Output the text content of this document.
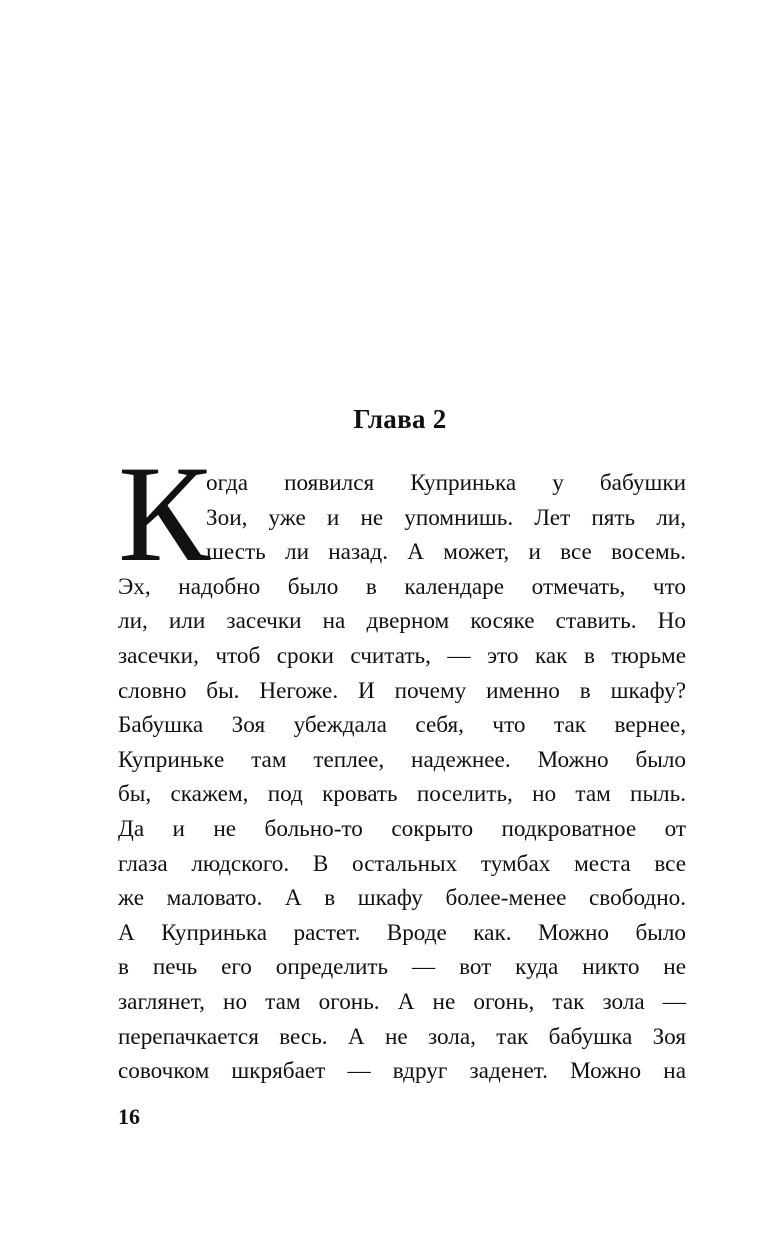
Глава 2
К
огда появился Купринька у бабушки
Зои, уже и не упомнишь. Лет пять ли,
шесть ли назад. А может, и все восемь.
Эх, надобно было в календаре отмечать, что
ли, или засечки на дверном косяке ставить. Но
засечки, чтоб сроки считать, — это как в тюрьме
словно бы. Негоже. И почему именно в шкафу?
Бабушка Зоя убеждала себя, что так вернее,
Купринькe там теплее, надежнее. Можно было
бы, скажем, под кровать поселить, но там пыль.
Да и не больно-то сокрыто подкроватное от
глаза людского. В остальных тумбах места все
же маловато. А в шкафу более-менее свободно.
А Купринька растет. Вроде как. Можно было
в печь его определить — вот куда никто не
заглянет, но там огонь. А не огонь, так зола —
перепачкается весь. А не зола, так бабушка Зоя
совочком шкрябает — вдруг заденет. Можно на
16
